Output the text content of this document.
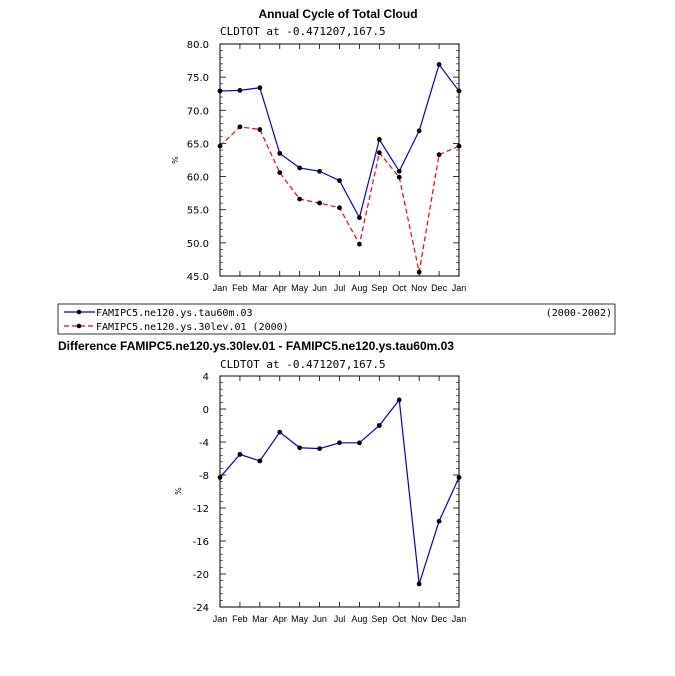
Annual Cycle of Total Cloud
CLDTOT at -0.471207,167.5
%
Jan Feb Mar Apr May Jun Jul Aug Sep Oct Nov Dec Jan
45.0
50.0
55.0
60.0
65.0
70.0
75.0
80.0
FAMIPC5.ne120.ys.tau60m.03	(2000-2002)
FAMIPC5.ne120.ys.30lev.01 (2000)
Difference FAMIPC5.ne120.ys.30lev.01 - FAMIPC5.ne120.ys.tau60m.03
CLDTOT at -0.471207,167.5
%
Jan Feb Mar Apr May Jun Jul Aug Sep Oct Nov Dec Jan
-24
-20
-16
-12
-8
-4
0
4
